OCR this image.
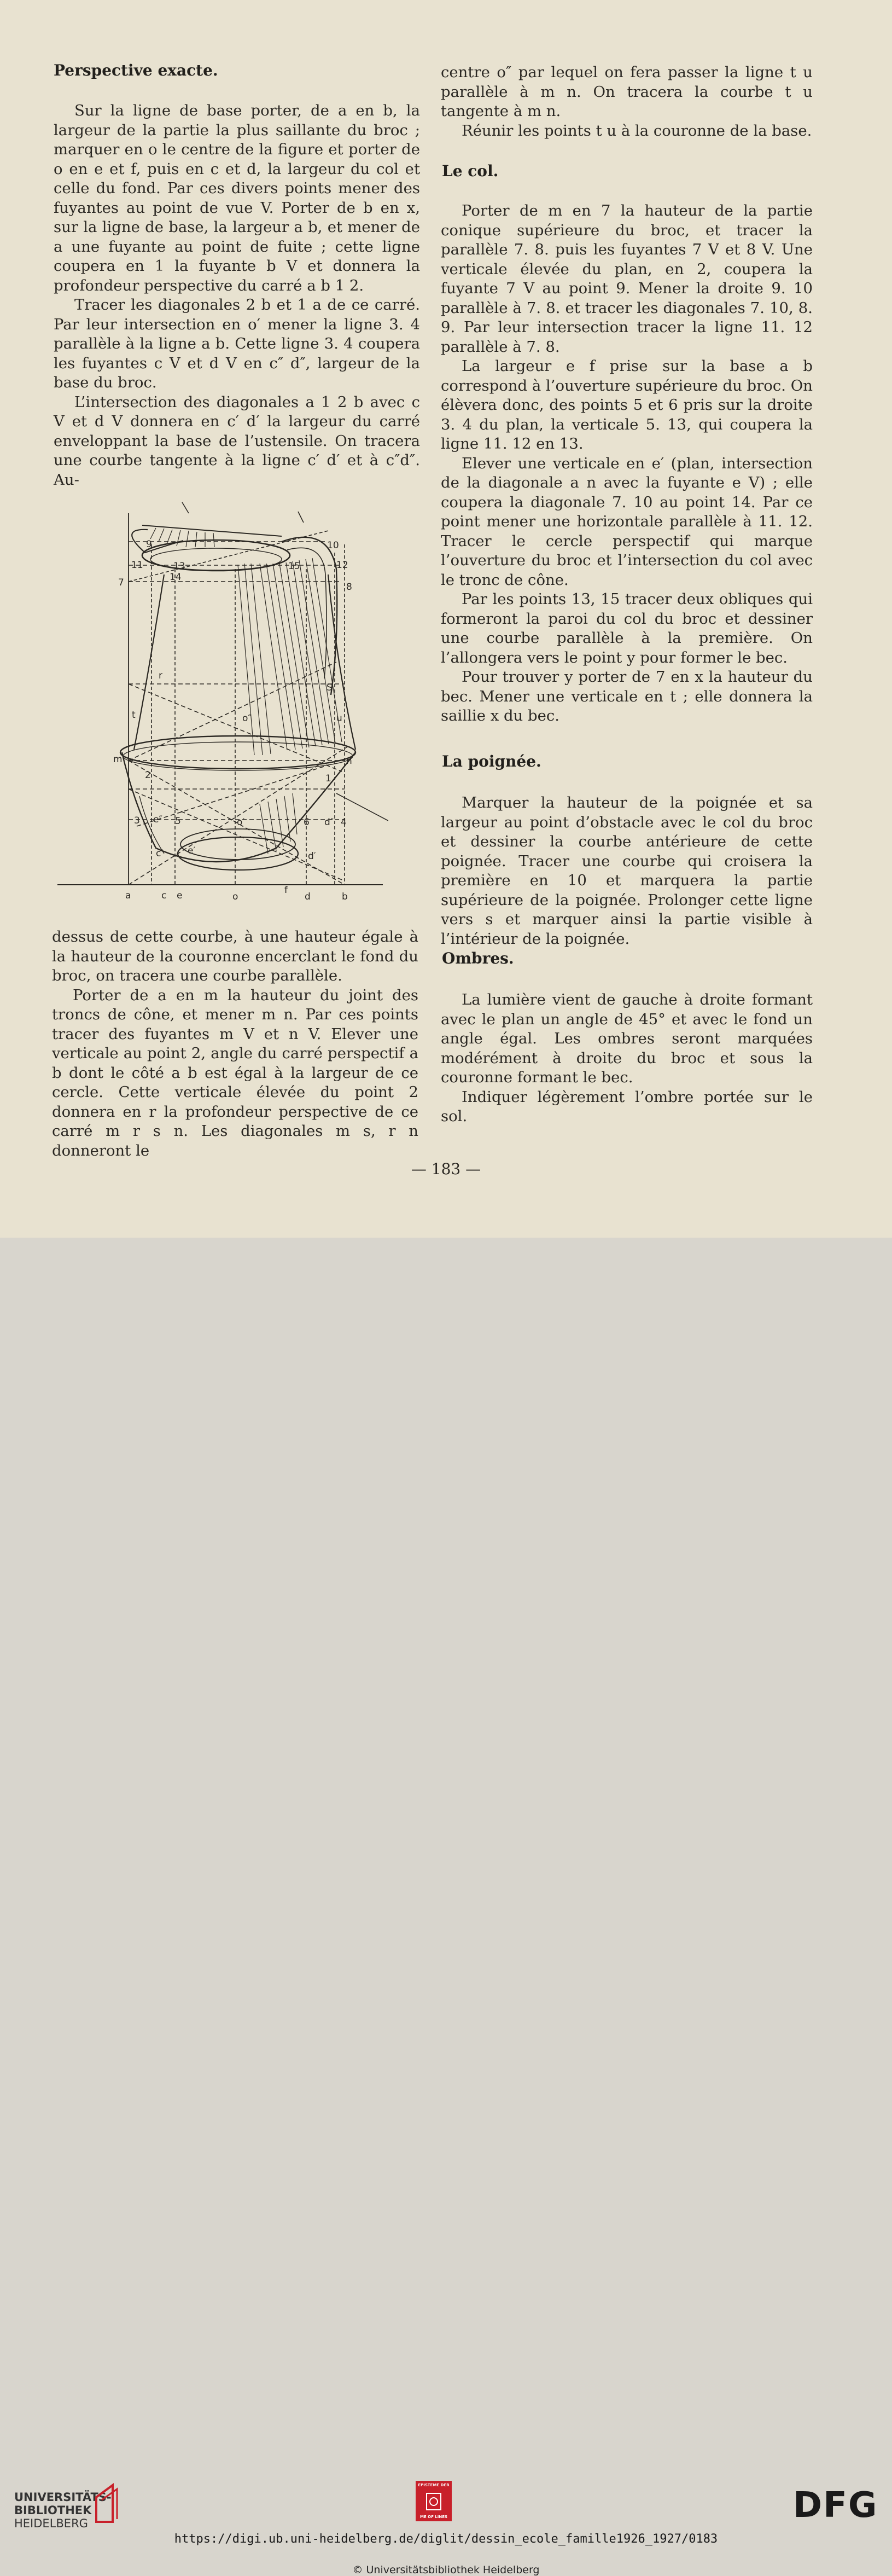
Perspective exacte.

Sur la ligne de base porter, de a en b, la largeur de la partie la plus saillante du broc ; marquer en o le centre de la figure et porter de o en e et f, puis en c et d, la largeur du col et celle du fond. Par ces divers points mener des fuyantes au point de vue V. Porter de b en x, sur la ligne de base, la largeur a b, et mener de a une fuyante au point de fuite ; cette ligne coupera en 1 la fuyante b V et donnera la profondeur perspective du carré a b 1 2.

Tracer les diagonales 2 b et 1 a de ce carré. Par leur intersection en o′ mener la ligne 3. 4 parallèle à la ligne a b. Cette ligne 3. 4 coupera les fuyantes c V et d V en c″ d″, largeur de la base du broc.

L’intersection des diagonales a 1 2 b avec c V et d V donnera en c′ d′ la largeur du carré enveloppant la base de l’ustensile. On tracera une courbe tangente à la ligne c′ d′ et à c″d″. Au-

9	10
11	12
13
14
15
7	8
r
S
t	o″	u
m	n
2	1
3 e″ 5	o′	6 d″ 4
c′	e′	d′
a	c e	o
f
d	b

dessus de cette courbe, à une hauteur égale à la hauteur de la couronne encerclant le fond du broc, on tracera une courbe parallèle.

Porter de a en m la hauteur du joint des troncs de cône, et mener m n. Par ces points tracer des fuyantes m V et n V. Elever une verticale au point 2, angle du carré perspectif a b dont le côté a b est égal à la largeur de ce cercle. Cette verticale élevée du point 2 donnera en r la profondeur perspective de ce carré m r s n. Les diagonales m s, r n donneront le

centre o″ par lequel on fera passer la ligne t u parallèle à m n. On tracera la courbe t u tangente à m n.

Réunir les points t u à la couronne de la base.

Le col.

Porter de m en 7 la hauteur de la partie conique supérieure du broc, et tracer la parallèle 7. 8. puis les fuyantes 7 V et 8 V. Une verticale élevée du plan, en 2, coupera la fuyante 7 V au point 9. Mener la droite 9. 10 parallèle à 7. 8. et tracer les diagonales 7. 10, 8. 9. Par leur intersection tracer la ligne 11. 12 parallèle à 7. 8.

La largeur e f prise sur la base a b correspond à l’ouverture supérieure du broc. On élèvera donc, des points 5 et 6 pris sur la droite 3. 4 du plan, la verticale 5. 13, qui coupera la ligne 11. 12 en 13.

Elever une verticale en e′ (plan, intersection de la diagonale a n avec la fuyante e V) ; elle coupera la diagonale 7. 10 au point 14. Par ce point mener une horizontale parallèle à 11. 12. Tracer le cercle perspectif qui marque l’ouverture du broc et l’intersection du col avec le tronc de cône.

Par les points 13, 15 tracer deux obliques qui formeront la paroi du col du broc et dessiner une courbe parallèle à la première. On l’allongera vers le point y pour former le bec.

Pour trouver y porter de 7 en x la hauteur du bec. Mener une verticale en t ; elle donnera la saillie x du bec.

La poignée.

Marquer la hauteur de la poignée et sa largeur au point d’obstacle avec le col du broc et dessiner la courbe antérieure de cette poignée. Tracer une courbe qui croisera la première en 10 et marquera la partie supérieure de la poignée. Prolonger cette ligne vers s et marquer ainsi la partie visible à l’intérieur de la poignée.

Ombres.

La lumière vient de gauche à droite formant avec le plan un angle de 45° et avec le fond un angle égal. Les ombres seront marquées modérément à droite du broc et sous la couronne formant le bec.

Indiquer légèrement l’ombre portée sur le sol.

— 183 —
UNIVERSITÄTS-
BIBLIOTHEK
HEIDELBERG
EPISTEME DER
ME OF LINES	DFG
https://digi.ub.uni-heidelberg.de/diglit/dessin_ecole_famille1926_1927/0183
© Universitätsbibliothek Heidelberg
